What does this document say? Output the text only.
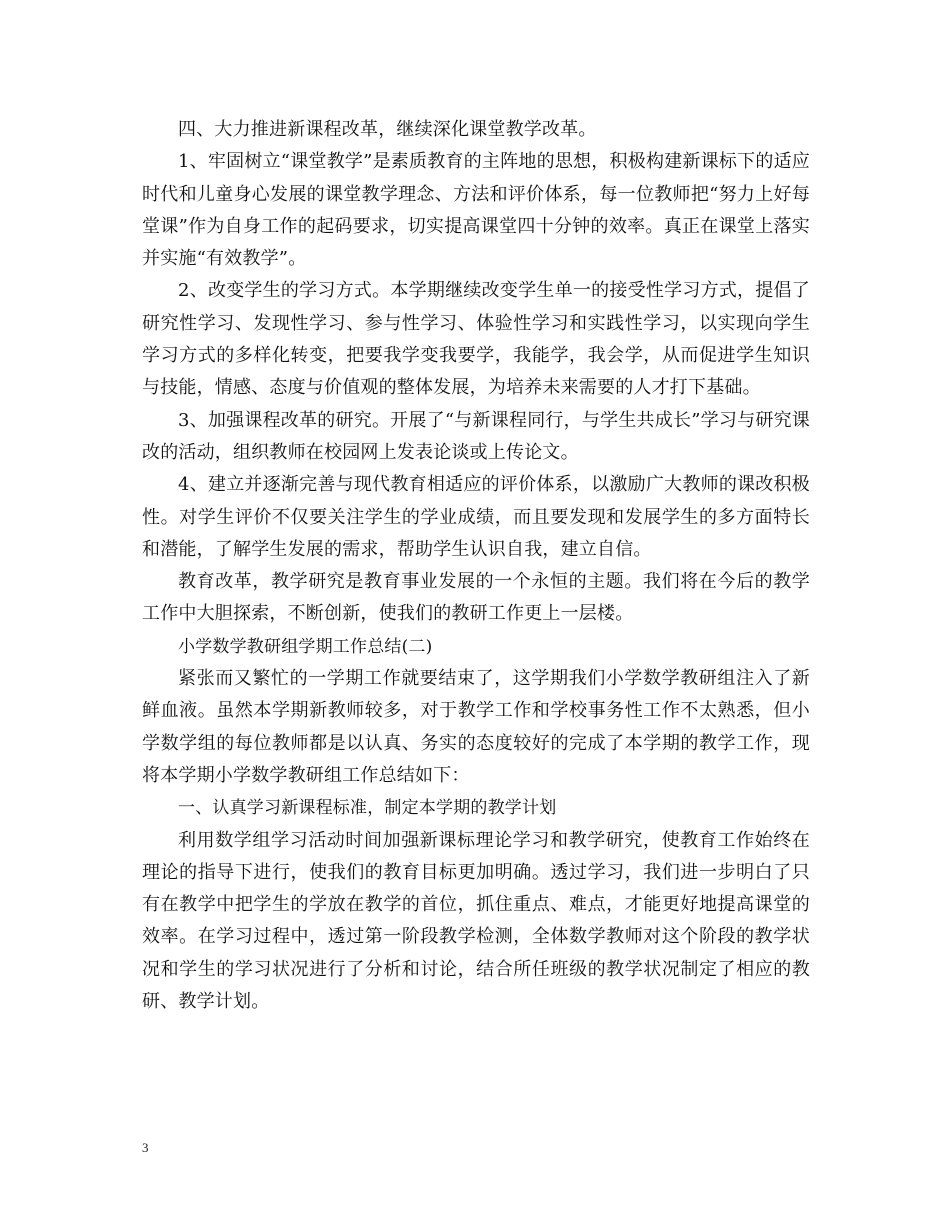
四、大力推进新课程改革，继续深化课堂教学改革。

1、牢固树立“课堂教学”是素质教育的主阵地的思想，积极构建新课标下的适应时代和儿童身心发展的课堂教学理念、方法和评价体系，每一位教师把“努力上好每堂课”作为自身工作的起码要求，切实提高课堂四十分钟的效率。真正在课堂上落实并实施“有效教学”。

2、改变学生的学习方式。本学期继续改变学生单一的接受性学习方式，提倡了研究性学习、发现性学习、参与性学习、体验性学习和实践性学习，以实现向学生学习方式的多样化转变，把要我学变我要学，我能学，我会学，从而促进学生知识与技能，情感、态度与价值观的整体发展，为培养未来需要的人才打下基础。

3、加强课程改革的研究。开展了“与新课程同行，与学生共成长”学习与研究课改的活动，组织教师在校园网上发表论谈或上传论文。

4、建立并逐渐完善与现代教育相适应的评价体系，以激励广大教师的课改积极性。对学生评价不仅要关注学生的学业成绩，而且要发现和发展学生的多方面特长和潜能，了解学生发展的需求，帮助学生认识自我，建立自信。

教育改革，教学研究是教育事业发展的一个永恒的主题。我们将在今后的教学工作中大胆探索，不断创新，使我们的教研工作更上一层楼。

小学数学教研组学期工作总结(二)

紧张而又繁忙的一学期工作就要结束了，这学期我们小学数学教研组注入了新鲜血液。虽然本学期新教师较多，对于教学工作和学校事务性工作不太熟悉，但小学数学组的每位教师都是以认真、务实的态度较好的完成了本学期的教学工作，现将本学期小学数学教研组工作总结如下：

一、认真学习新课程标准，制定本学期的教学计划

利用数学组学习活动时间加强新课标理论学习和教学研究，使教育工作始终在理论的指导下进行，使我们的教育目标更加明确。透过学习，我们进一步明白了只有在教学中把学生的学放在教学的首位，抓住重点、难点，才能更好地提高课堂的效率。在学习过程中，透过第一阶段教学检测，全体数学教师对这个阶段的教学状况和学生的学习状况进行了分析和讨论，结合所任班级的教学状况制定了相应的教研、教学计划。

3
